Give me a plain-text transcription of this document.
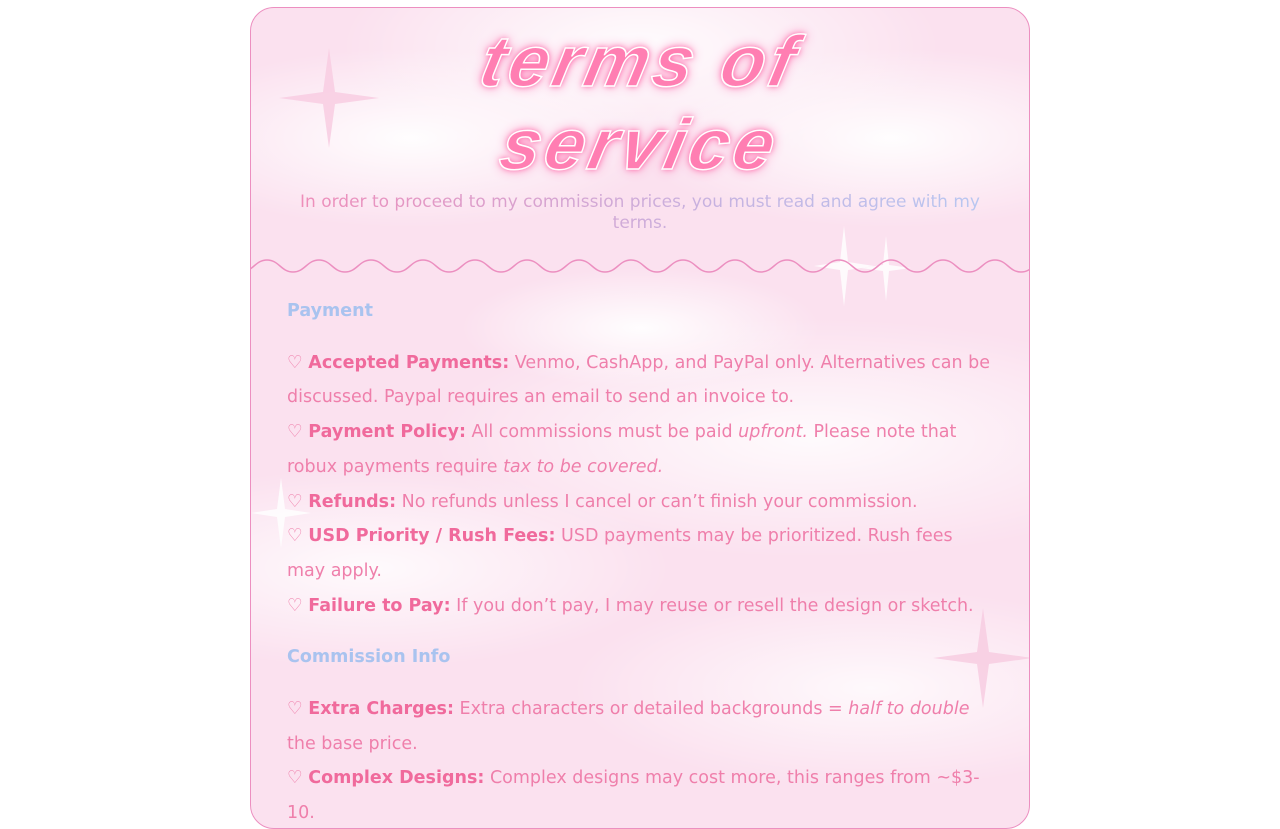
terms of
service
In order to proceed to my commission prices, you must read and agree with my terms.

Payment

♡ Accepted Payments: Venmo, CashApp, and PayPal only. Alternatives can be discussed. Paypal requires an email to send an invoice to.

♡ Payment Policy: All commissions must be paid upfront. Please note that robux payments require tax to be covered.

♡ Refunds: No refunds unless I cancel or can’t finish your commission.

♡ USD Priority / Rush Fees: USD payments may be prioritized. Rush fees may apply.

♡ Failure to Pay: If you don’t pay, I may reuse or resell the design or sketch.

Commission Info

♡ Extra Charges: Extra characters or detailed backgrounds = half to double the base price.

♡ Complex Designs: Complex designs may cost more, this ranges from ~$3-10.
